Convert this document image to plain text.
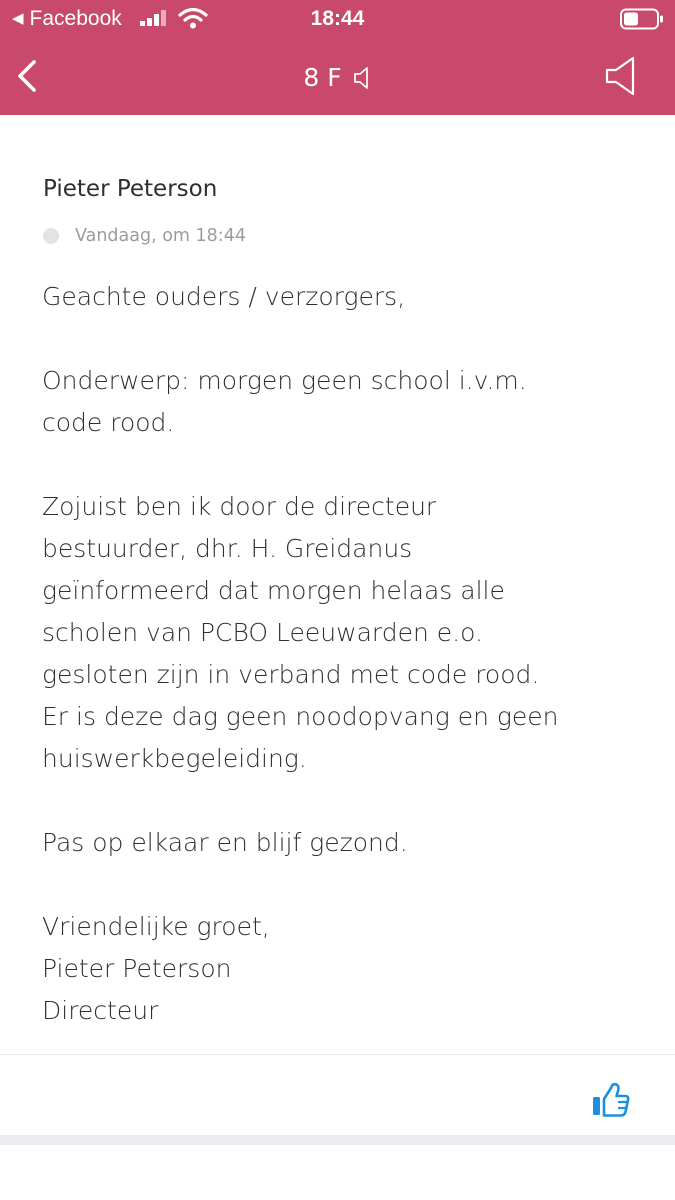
◀ Facebook	18:44
8 F
Pieter Peterson
Vandaag, om 18:44

Geachte ouders / verzorgers,

Onderwerp: morgen geen school i.v.m.

code rood.

Zojuist ben ik door de directeur

bestuurder, dhr. H. Greidanus

geïnformeerd dat morgen helaas alle

scholen van PCBO Leeuwarden e.o.

gesloten zijn in verband met code rood.

Er is deze dag geen noodopvang en geen

huiswerkbegeleiding.

Pas op elkaar en blijf gezond.

Vriendelijke groet,

Pieter Peterson

Directeur
